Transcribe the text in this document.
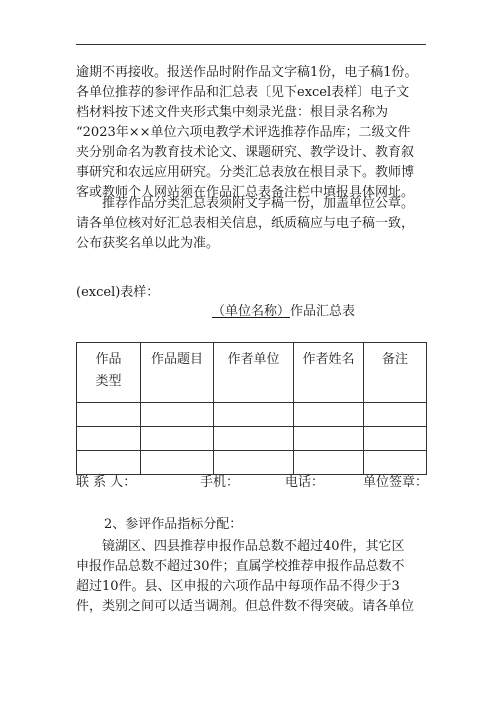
逾期不再接收。报送作品时附作品文字稿1份，电子稿1份。
各单位推荐的参评作品和汇总表〔见下excel表样〕电子文
档材料按下述文件夹形式集中刻录光盘：根目录名称为
“2023年××单位六项电教学术评选推荐作品库；二级文件
夹分别命名为教育技术论文、课题研究、教学设计、教育叙
事研究和农远应用研究。分类汇总表放在根目录下。教师博
客或教师个人网站须在作品汇总表备注栏中填报具体网址。
　　推荐作品分类汇总表须附文字稿一份，加盖单位公章。
请各单位核对好汇总表相关信息，纸质稿应与电子稿一致，
公布获奖名单以此为准。
(excel)表样：
（单位名称）作品汇总表
作品类型	作品题目	作者单位	作者姓名	备注

联 系 人：	手机：	电话：	单位签章：
2、参评作品指标分配：
　　镜湖区、四县推荐申报作品总数不超过40件，其它区
申报作品总数不超过30件；直属学校推荐申报作品总数不
超过10件。县、区申报的六项作品中每项作品不得少于3
件，类别之间可以适当调剂。但总件数不得突破。请各单位
